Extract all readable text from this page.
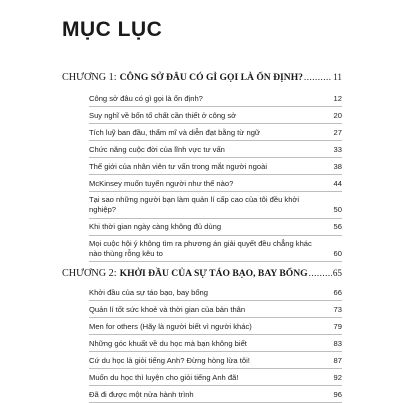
MỤC LỤC
CHƯƠNG 1: CÔNG SỞ ĐÂU CÓ GÌ GỌI LÀ ỔN ĐỊNH? .....	11
Công sở đâu có gì gọi là ổn định?	12
Suy nghĩ về bốn tố chất cần thiết ở công sở	20
Tích luỹ ban đầu, thẩm mĩ và diễn đạt bằng từ ngữ	27
Chức năng cuộc đời của lĩnh vực tư vấn	33
Thế giới của nhân viên tư vấn trong mắt người ngoài	38
McKinsey muốn tuyển người như thế nào?	44
Tại sao những người bạn làm quản lí cấp cao của tôi đều khởi nghiệp?	50
Khi thời gian ngày càng không đủ dùng	56
Mọi cuộc hội ý không tìm ra phương án giải quyết đều chẳng khác nào thùng rỗng kêu to	60
CHƯƠNG 2: KHỞI ĐẦU CỦA SỰ TÁO BẠO, BAY BỔNG .....	65
Khởi đầu của sự táo bạo, bay bổng	66
Quản lí tốt sức khoẻ và thời gian của bản thân	73
Men for others (Hãy là người biết vì người khác)	79
Những góc khuất về du học mà bạn không biết	83
Cứ du học là giỏi tiếng Anh? Đừng hòng lừa tôi!	87
Muốn du học thì luyện cho giỏi tiếng Anh đã!	92
Đã đi được một nửa hành trình	96
